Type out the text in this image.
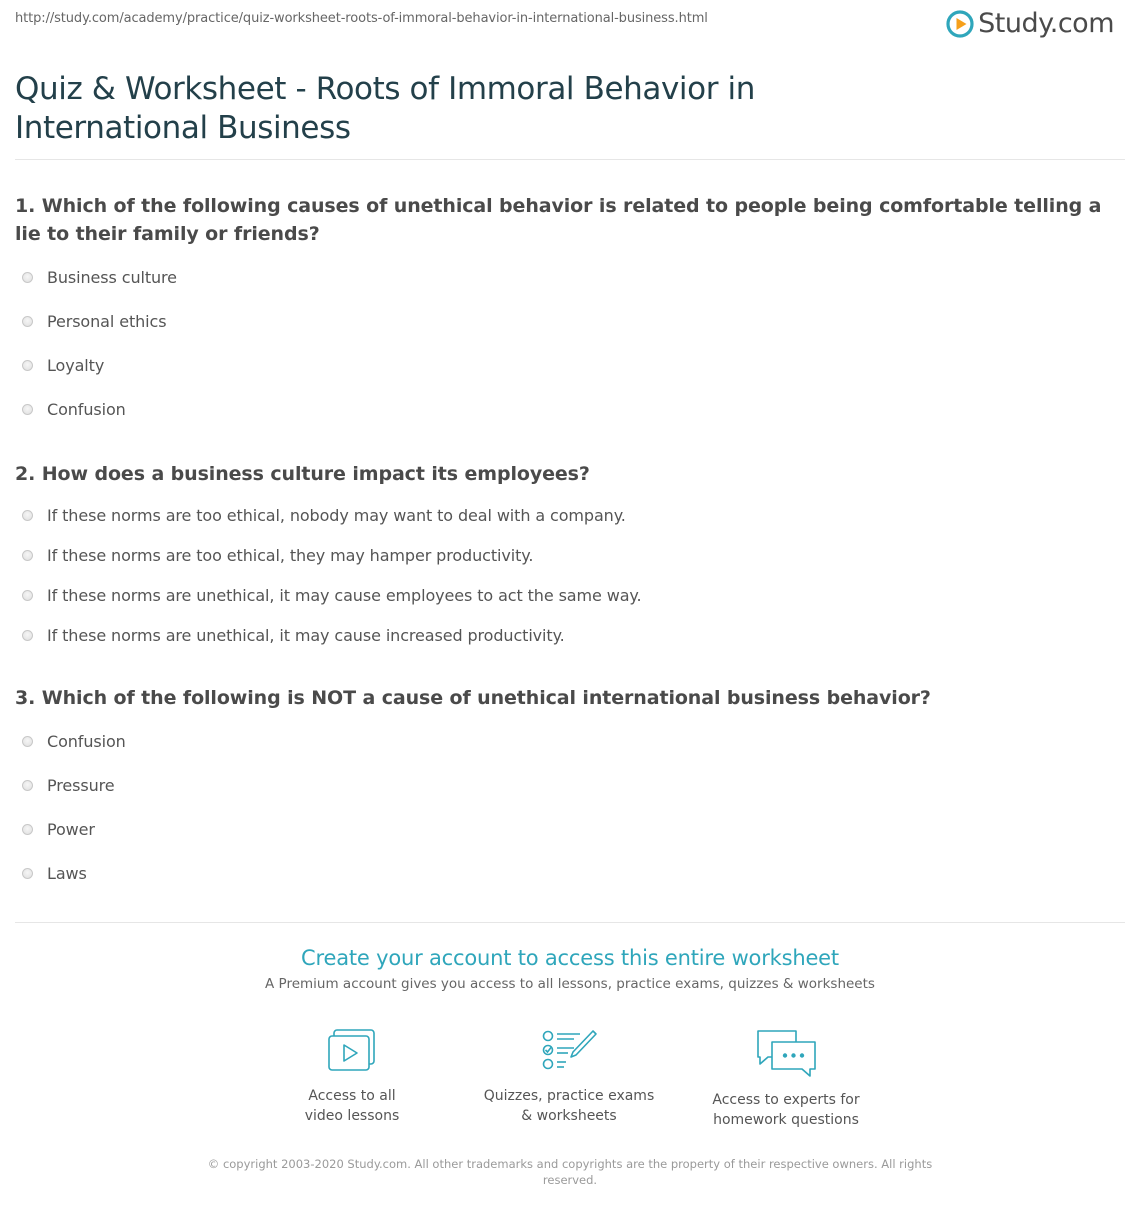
http://study.com/academy/practice/quiz-worksheet-roots-of-immoral-behavior-in-international-business.html	Study.com
Quiz & Worksheet - Roots of Immoral Behavior in International Business
1. Which of the following causes of unethical behavior is related to people being comfortable telling a lie to their family or friends?
Business culture
Personal ethics
Loyalty
Confusion
2. How does a business culture impact its employees?
If these norms are too ethical, nobody may want to deal with a company.
If these norms are too ethical, they may hamper productivity.
If these norms are unethical, it may cause employees to act the same way.
If these norms are unethical, it may cause increased productivity.
3. Which of the following is NOT a cause of unethical international business behavior?
Confusion
Pressure
Power
Laws
Create your account to access this entire worksheet
A Premium account gives you access to all lessons, practice exams, quizzes & worksheets
Access to all
video lessons
Quizzes, practice exams
& worksheets
Access to experts for
homework questions
© copyright 2003-2020 Study.com. All other trademarks and copyrights are the property of their respective owners. All rights reserved.
